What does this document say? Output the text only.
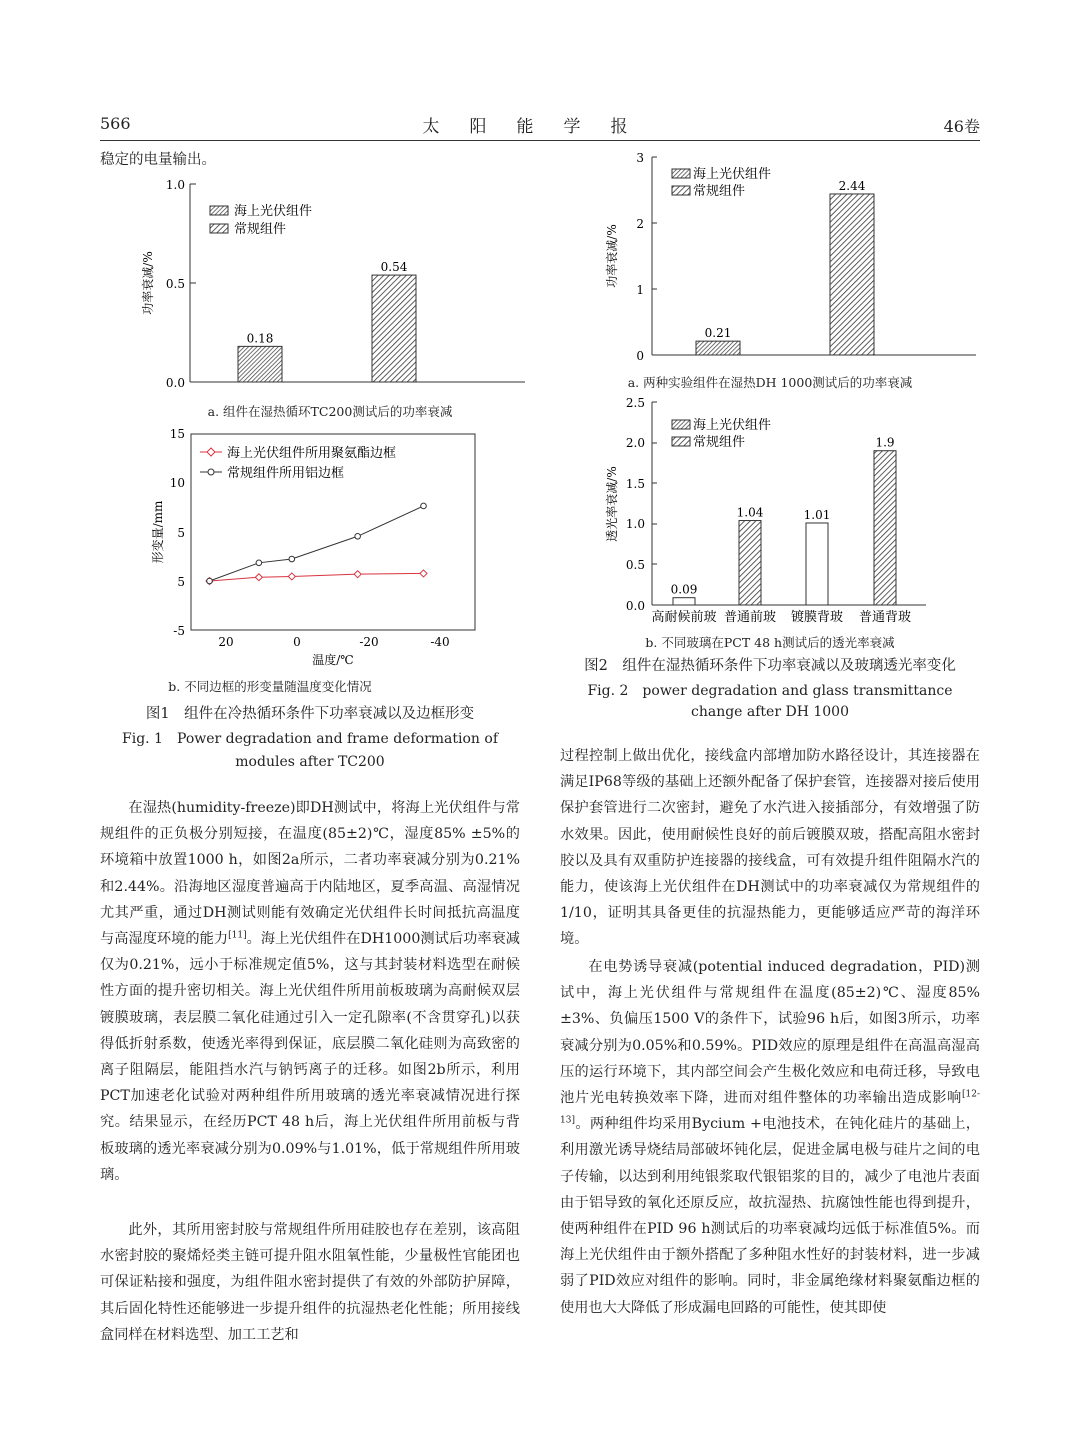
566	太阳能学报	46卷
稳定的电量输出。
1.0
0.5
0.0
功率衰减/%
海上光伏组件
常规组件
0.18
0.54
a. 组件在湿热循环TC200测试后的功率衰减
15
10
5
5
-5
20	0	-20	-40
温度/℃
形变量/mm
海上光伏组件所用聚氨酯边框
常规组件所用铝边框
b. 不同边框的形变量随温度变化情况
图1　组件在冷热循环条件下功率衰减以及边框形变
Fig. 1　Power degradation and frame deformation of
modules after TC200
3
2
1
0
功率衰减/%
海上光伏组件
常规组件
0.21
2.44
a. 两种实验组件在湿热DH 1000测试后的功率衰减
2.5
2.0
1.5
1.0
0.5
0.0
透光率衰减/%
海上光伏组件
常规组件
0.09
1.04	1.01
1.9
高耐候前玻 普通前玻 镀膜背玻 普通背玻
b. 不同玻璃在PCT 48 h测试后的透光率衰减
图2　组件在湿热循环条件下功率衰减以及玻璃透光率变化
Fig. 2　power degradation and glass transmittance
change after DH 1000

在湿热(humidity-freeze)即DH测试中，将海上光伏组件与常规组件的正负极分别短接，在温度(85±2)℃，湿度85% ±5%的环境箱中放置1000 h，如图2a所示，二者功率衰减分别为0.21%和2.44%。沿海地区湿度普遍高于内陆地区，夏季高温、高湿情况尤其严重，通过DH测试则能有效确定光伏组件长时间抵抗高温度与高湿度环境的能力[11]。海上光伏组件在DH1000测试后功率衰减仅为0.21%，远小于标准规定值5%，这与其封装材料选型在耐候性方面的提升密切相关。海上光伏组件所用前板玻璃为高耐候双层镀膜玻璃，表层膜二氧化硅通过引入一定孔隙率(不含贯穿孔)以获得低折射系数，使透光率得到保证，底层膜二氧化硅则为高致密的离子阻隔层，能阻挡水汽与钠钙离子的迁移。如图2b所示，利用PCT加速老化试验对两种组件所用玻璃的透光率衰减情况进行探究。结果显示，在经历PCT 48 h后，海上光伏组件所用前板与背板玻璃的透光率衰减分别为0.09%与1.01%，低于常规组件所用玻璃。

此外，其所用密封胶与常规组件所用硅胶也存在差别，该高阻水密封胶的聚烯烃类主链可提升阻水阻氧性能，少量极性官能团也可保证粘接和强度，为组件阻水密封提供了有效的外部防护屏障，其后固化特性还能够进一步提升组件的抗湿热老化性能；所用接线盒同样在材料选型、加工工艺和

过程控制上做出优化，接线盒内部增加防水路径设计，其连接器在满足IP68等级的基础上还额外配备了保护套管，连接器对接后使用保护套管进行二次密封，避免了水汽进入接插部分，有效增强了防水效果。因此，使用耐候性良好的前后镀膜双玻，搭配高阻水密封胶以及具有双重防护连接器的接线盒，可有效提升组件阻隔水汽的能力，使该海上光伏组件在DH测试中的功率衰减仅为常规组件的1/10，证明其具备更佳的抗湿热能力，更能够适应严苛的海洋环境。

在电势诱导衰减(potential induced degradation，PID)测试中，海上光伏组件与常规组件在温度(85±2)℃、湿度85% ±3%、负偏压1500 V的条件下，试验96 h后，如图3所示，功率衰减分别为0.05%和0.59%。PID效应的原理是组件在高温高湿高压的运行环境下，其内部空间会产生极化效应和电荷迁移，导致电池片光电转换效率下降，进而对组件整体的功率输出造成影响[12-13]。两种组件均采用Bycium +电池技术，在钝化硅片的基础上，利用激光诱导烧结局部破坏钝化层，促进金属电极与硅片之间的电子传输，以达到利用纯银浆取代银铝浆的目的，减少了电池片表面由于铝导致的氧化还原反应，故抗湿热、抗腐蚀性能也得到提升，使两种组件在PID 96 h测试后的功率衰减均远低于标准值5%。而海上光伏组件由于额外搭配了多种阻水性好的封装材料，进一步减弱了PID效应对组件的影响。同时，非金属绝缘材料聚氨酯边框的使用也大大降低了形成漏电回路的可能性，使其即使
